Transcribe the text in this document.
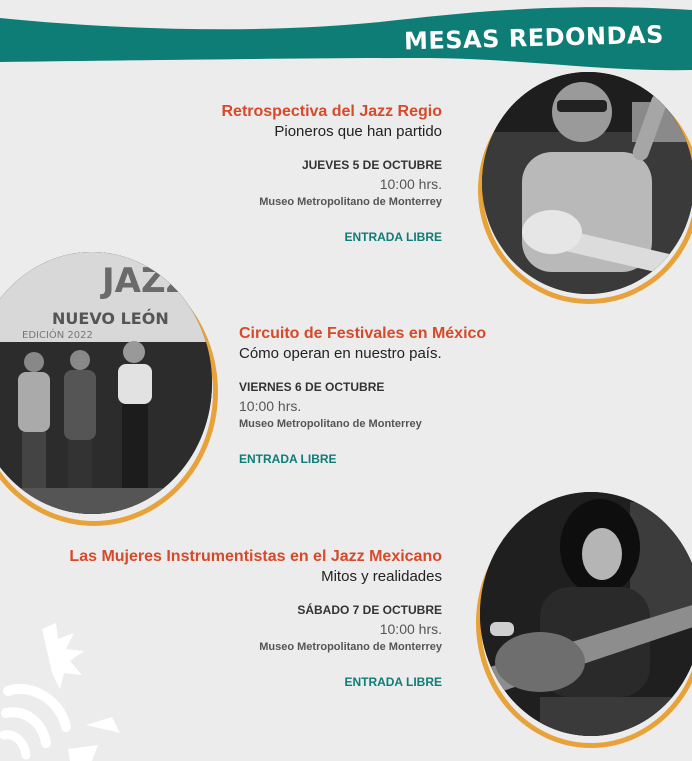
MESAS REDONDAS
Retrospectiva del Jazz Regio
Pioneros que han partido
JUEVES 5 DE OCTUBRE
10:00 hrs.
Museo Metropolitano de Monterrey
ENTRADA LIBRE
JAZZ
NUEVO LEÓN
EDICIÓN 2022	Circuito de Festivales en México
Cómo operan en nuestro país.
VIERNES 6 DE OCTUBRE
10:00 hrs.
Museo Metropolitano de Monterrey
ENTRADA LIBRE
Las Mujeres Instrumentistas en el Jazz Mexicano
Mitos y realidades
SÁBADO 7 DE OCTUBRE
10:00 hrs.
Museo Metropolitano de Monterrey
ENTRADA LIBRE
